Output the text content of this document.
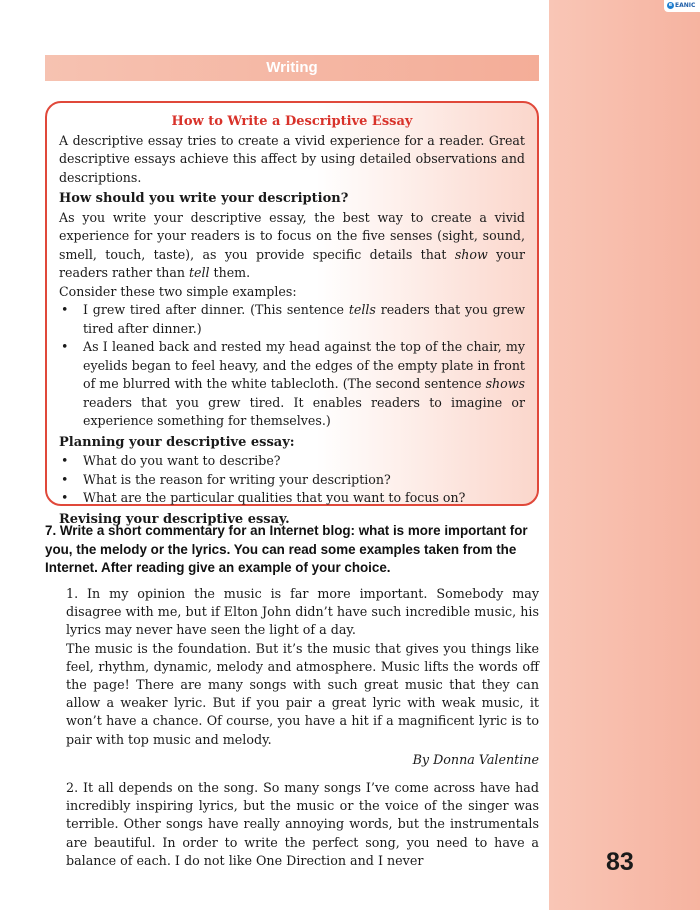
e EANIC
Writing

How to Write a Descriptive Essay

A descriptive essay tries to create a vivid experience for a reader. Great descriptive essays achieve this affect by using detailed observations and descriptions.

How should you write your description?

As you write your descriptive essay, the best way to create a vivid experience for your readers is to focus on the five senses (sight, sound, smell, touch, taste), as you provide specific details that show your readers rather than tell them.

Consider these two simple examples:

• I grew tired after dinner. (This sentence tells readers that you grew tired after dinner.)
• As I leaned back and rested my head against the top of the chair, my eyelids began to feel heavy, and the edges of the empty plate in front of me blurred with the white tablecloth. (The second sentence shows readers that you grew tired. It enables readers to imagine or experience something for themselves.)
Planning your descriptive essay:
• What do you want to describe?
• What is the reason for writing your description?
• What are the particular qualities that you want to focus on?
Revising your descriptive essay.
7. Write a short commentary for an Internet blog: what is more important for you, the melody or the lyrics. You can read some examples taken from the Internet. After reading give an example of your choice.

1. In my opinion the music is far more important. Somebody may disagree with me, but if Elton John didn’t have such incredible music, his lyrics may never have seen the light of a day.

The music is the foundation. But it’s the music that gives you things like feel, rhythm, dynamic, melody and atmosphere. Music lifts the words off the page! There are many songs with such great music that they can allow a weaker lyric. But if you pair a great lyric with weak music, it won’t have a chance. Of course, you have a hit if a magnificent lyric is to pair with top music and melody.

By Donna Valentine

2. It all depends on the song. So many songs I’ve come across have had incredibly inspiring lyrics, but the music or the voice of the singer was terrible. Other songs have really annoying words, but the instrumentals are beautiful. In order to write the perfect song, you need to have a balance of each. I do not like One Direction and I never	83
